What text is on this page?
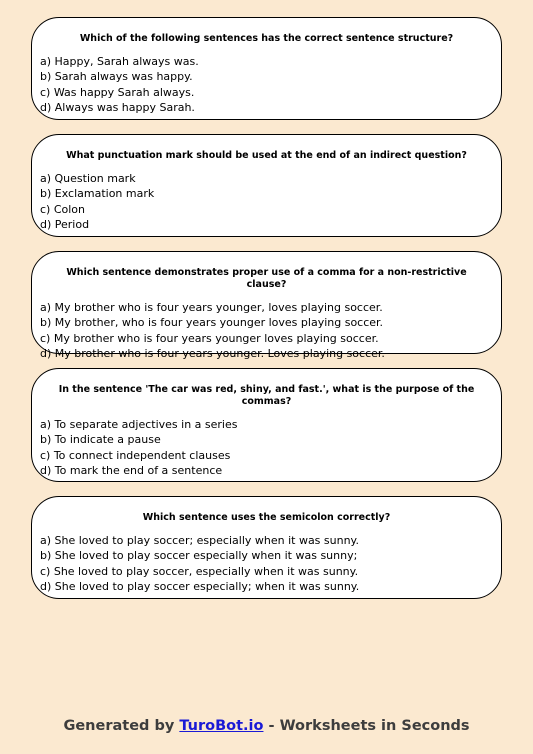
Which of the following sentences has the correct sentence structure?
a) Happy, Sarah always was.
b) Sarah always was happy.
c) Was happy Sarah always.
d) Always was happy Sarah.
What punctuation mark should be used at the end of an indirect question?
a) Question mark
b) Exclamation mark
c) Colon
d) Period
Which sentence demonstrates proper use of a comma for a non-restrictive clause?
a) My brother who is four years younger, loves playing soccer.
b) My brother, who is four years younger loves playing soccer.
c) My brother who is four years younger loves playing soccer.
d) My brother who is four years younger. Loves playing soccer.
In the sentence 'The car was red, shiny, and fast.', what is the purpose of the commas?
a) To separate adjectives in a series
b) To indicate a pause
c) To connect independent clauses
d) To mark the end of a sentence
Which sentence uses the semicolon correctly?
a) She loved to play soccer; especially when it was sunny.
b) She loved to play soccer especially when it was sunny;
c) She loved to play soccer, especially when it was sunny.
d) She loved to play soccer especially; when it was sunny.
Generated by TuroBot.io - Worksheets in Seconds
